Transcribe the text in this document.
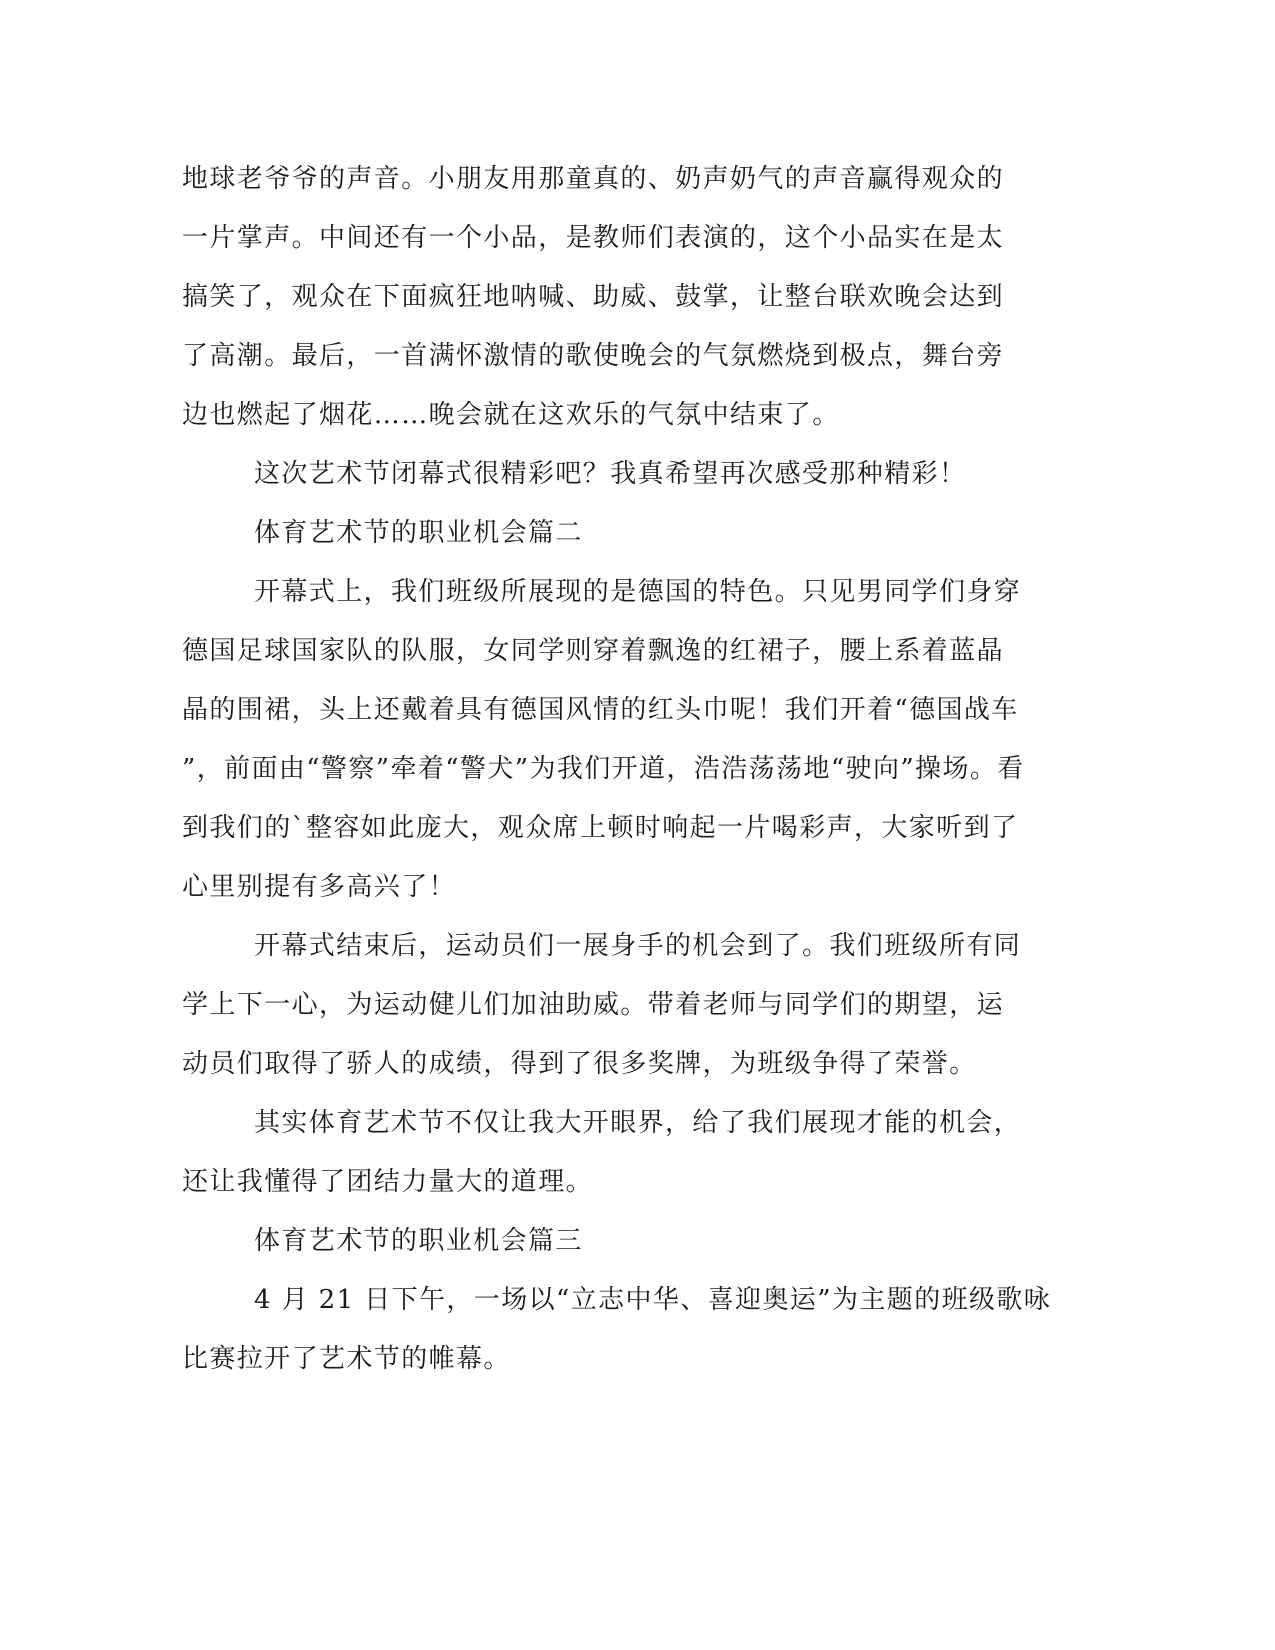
地球老爷爷的声音。小朋友用那童真的、奶声奶气的声音赢得观众的
一片掌声。中间还有一个小品，是教师们表演的，这个小品实在是太
搞笑了，观众在下面疯狂地呐喊、助威、鼓掌，让整台联欢晚会达到
了高潮。最后，一首满怀激情的歌使晚会的气氛燃烧到极点，舞台旁
边也燃起了烟花……晚会就在这欢乐的气氛中结束了。

这次艺术节闭幕式很精彩吧？我真希望再次感受那种精彩！

体育艺术节的职业机会篇二

开幕式上，我们班级所展现的是德国的特色。只见男同学们身穿
德国足球国家队的队服，女同学则穿着飘逸的红裙子，腰上系着蓝晶
晶的围裙，头上还戴着具有德国风情的红头巾呢！我们开着“德国战车
”，前面由“警察”牵着“警犬”为我们开道，浩浩荡荡地“驶向”操场。看
到我们的`整容如此庞大，观众席上顿时响起一片喝彩声，大家听到了
心里别提有多高兴了！

开幕式结束后，运动员们一展身手的机会到了。我们班级所有同
学上下一心，为运动健儿们加油助威。带着老师与同学们的期望，运
动员们取得了骄人的成绩，得到了很多奖牌，为班级争得了荣誉。

其实体育艺术节不仅让我大开眼界，给了我们展现才能的机会，
还让我懂得了团结力量大的道理。

体育艺术节的职业机会篇三

4 月 21 日下午，一场以“立志中华、喜迎奥运”为主题的班级歌咏
比赛拉开了艺术节的帷幕。
